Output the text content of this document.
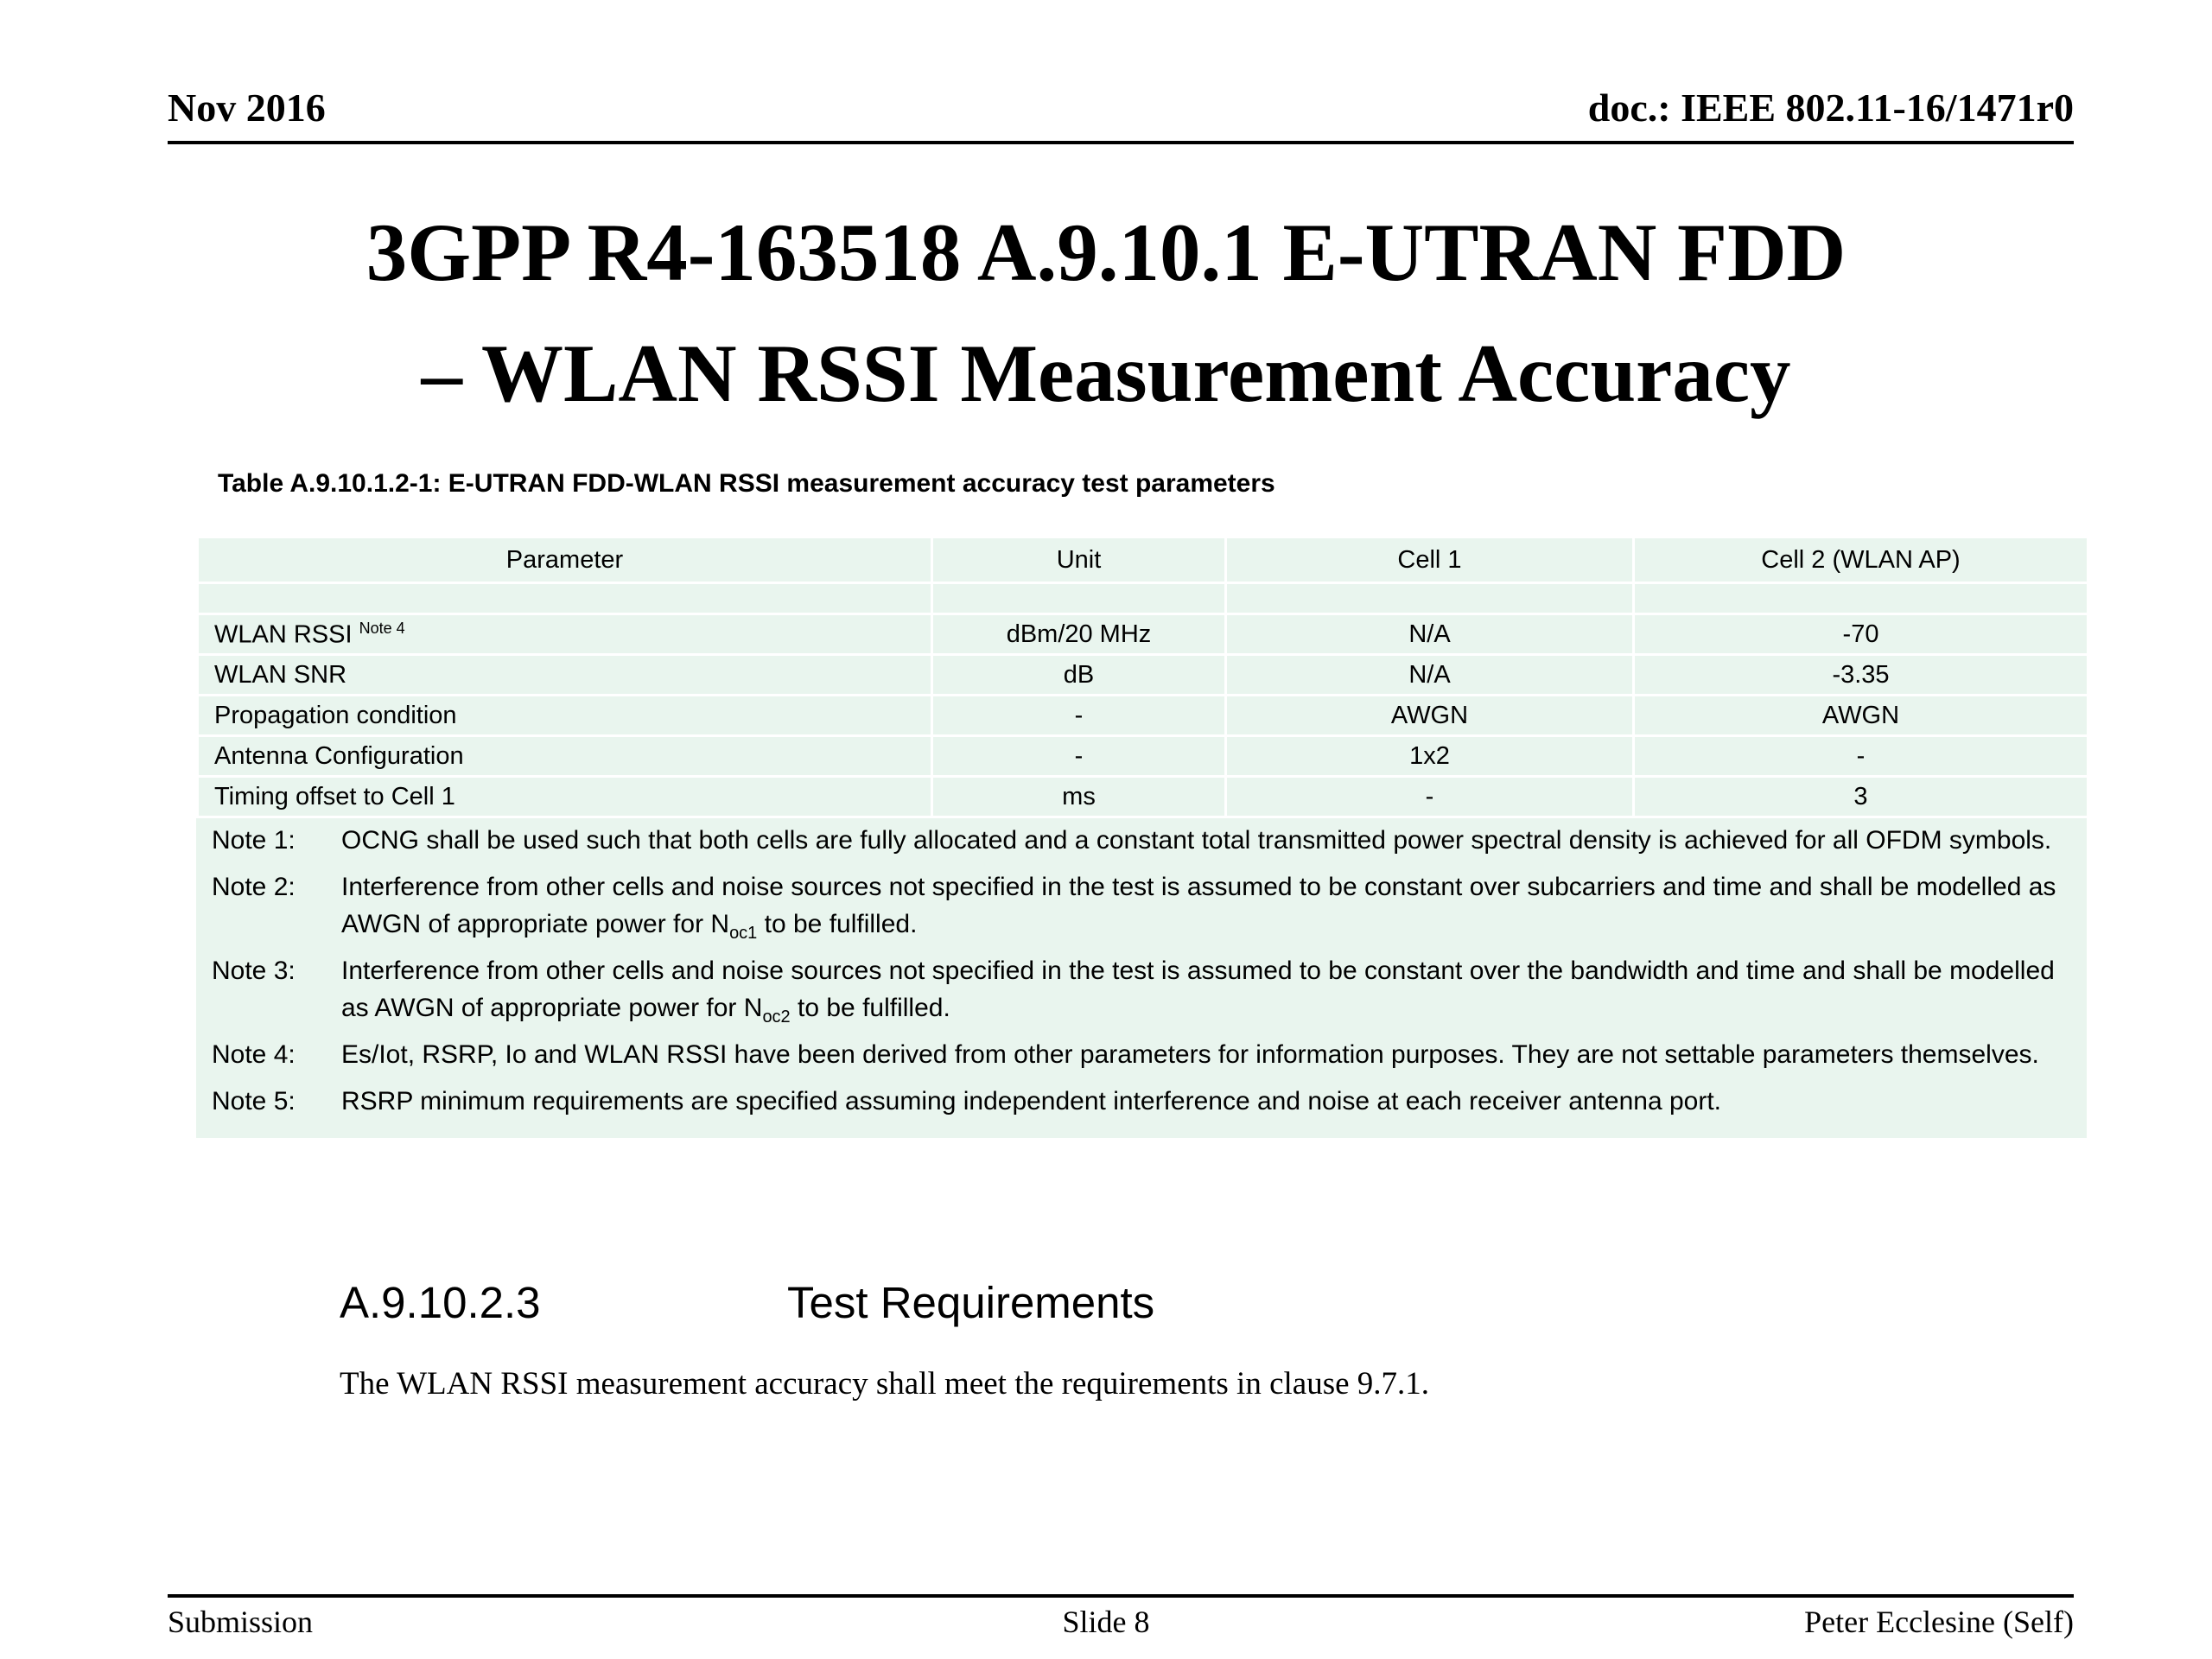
Nov 2016	doc.: IEEE 802.11-16/1471r0
3GPP R4-163518 A.9.10.1 E-UTRAN FDD
– WLAN RSSI Measurement Accuracy
Table A.9.10.1.2-1: E-UTRAN FDD-WLAN RSSI measurement accuracy test parameters
Parameter	Unit	Cell 1	Cell 2 (WLAN AP)

WLAN RSSI $^{Note 4}$	dBm/20 MHz	N/A	-70
WLAN SNR	dB	N/A	-3.35
Propagation condition	-	AWGN	AWGN
Antenna Configuration	-	1x2	-
Timing offset to Cell 1	ms	-	3
Note 1: OCNG shall be used such that both cells are fully allocated and a constant total transmitted power spectral density is achieved for all OFDM symbols.
Note 2: Interference from other cells and noise sources not specified in the test is assumed to be constant over subcarriers and time and shall be modelled as AWGN of appropriate power for $N_{oc1}$ to be fulfilled.
Note 3: Interference from other cells and noise sources not specified in the test is assumed to be constant over the bandwidth and time and shall be modelled as AWGN of appropriate power for $N_{oc2}$ to be fulfilled.
Note 4: Es/Iot, RSRP, Io and WLAN RSSI have been derived from other parameters for information purposes. They are not settable parameters themselves.
Note 5: RSRP minimum requirements are specified assuming independent interference and noise at each receiver antenna port.
A.9.10.2.3	Test Requirements
The WLAN RSSI measurement accuracy shall meet the requirements in clause 9.7.1.
Submission	Slide 8	Peter Ecclesine (Self)
